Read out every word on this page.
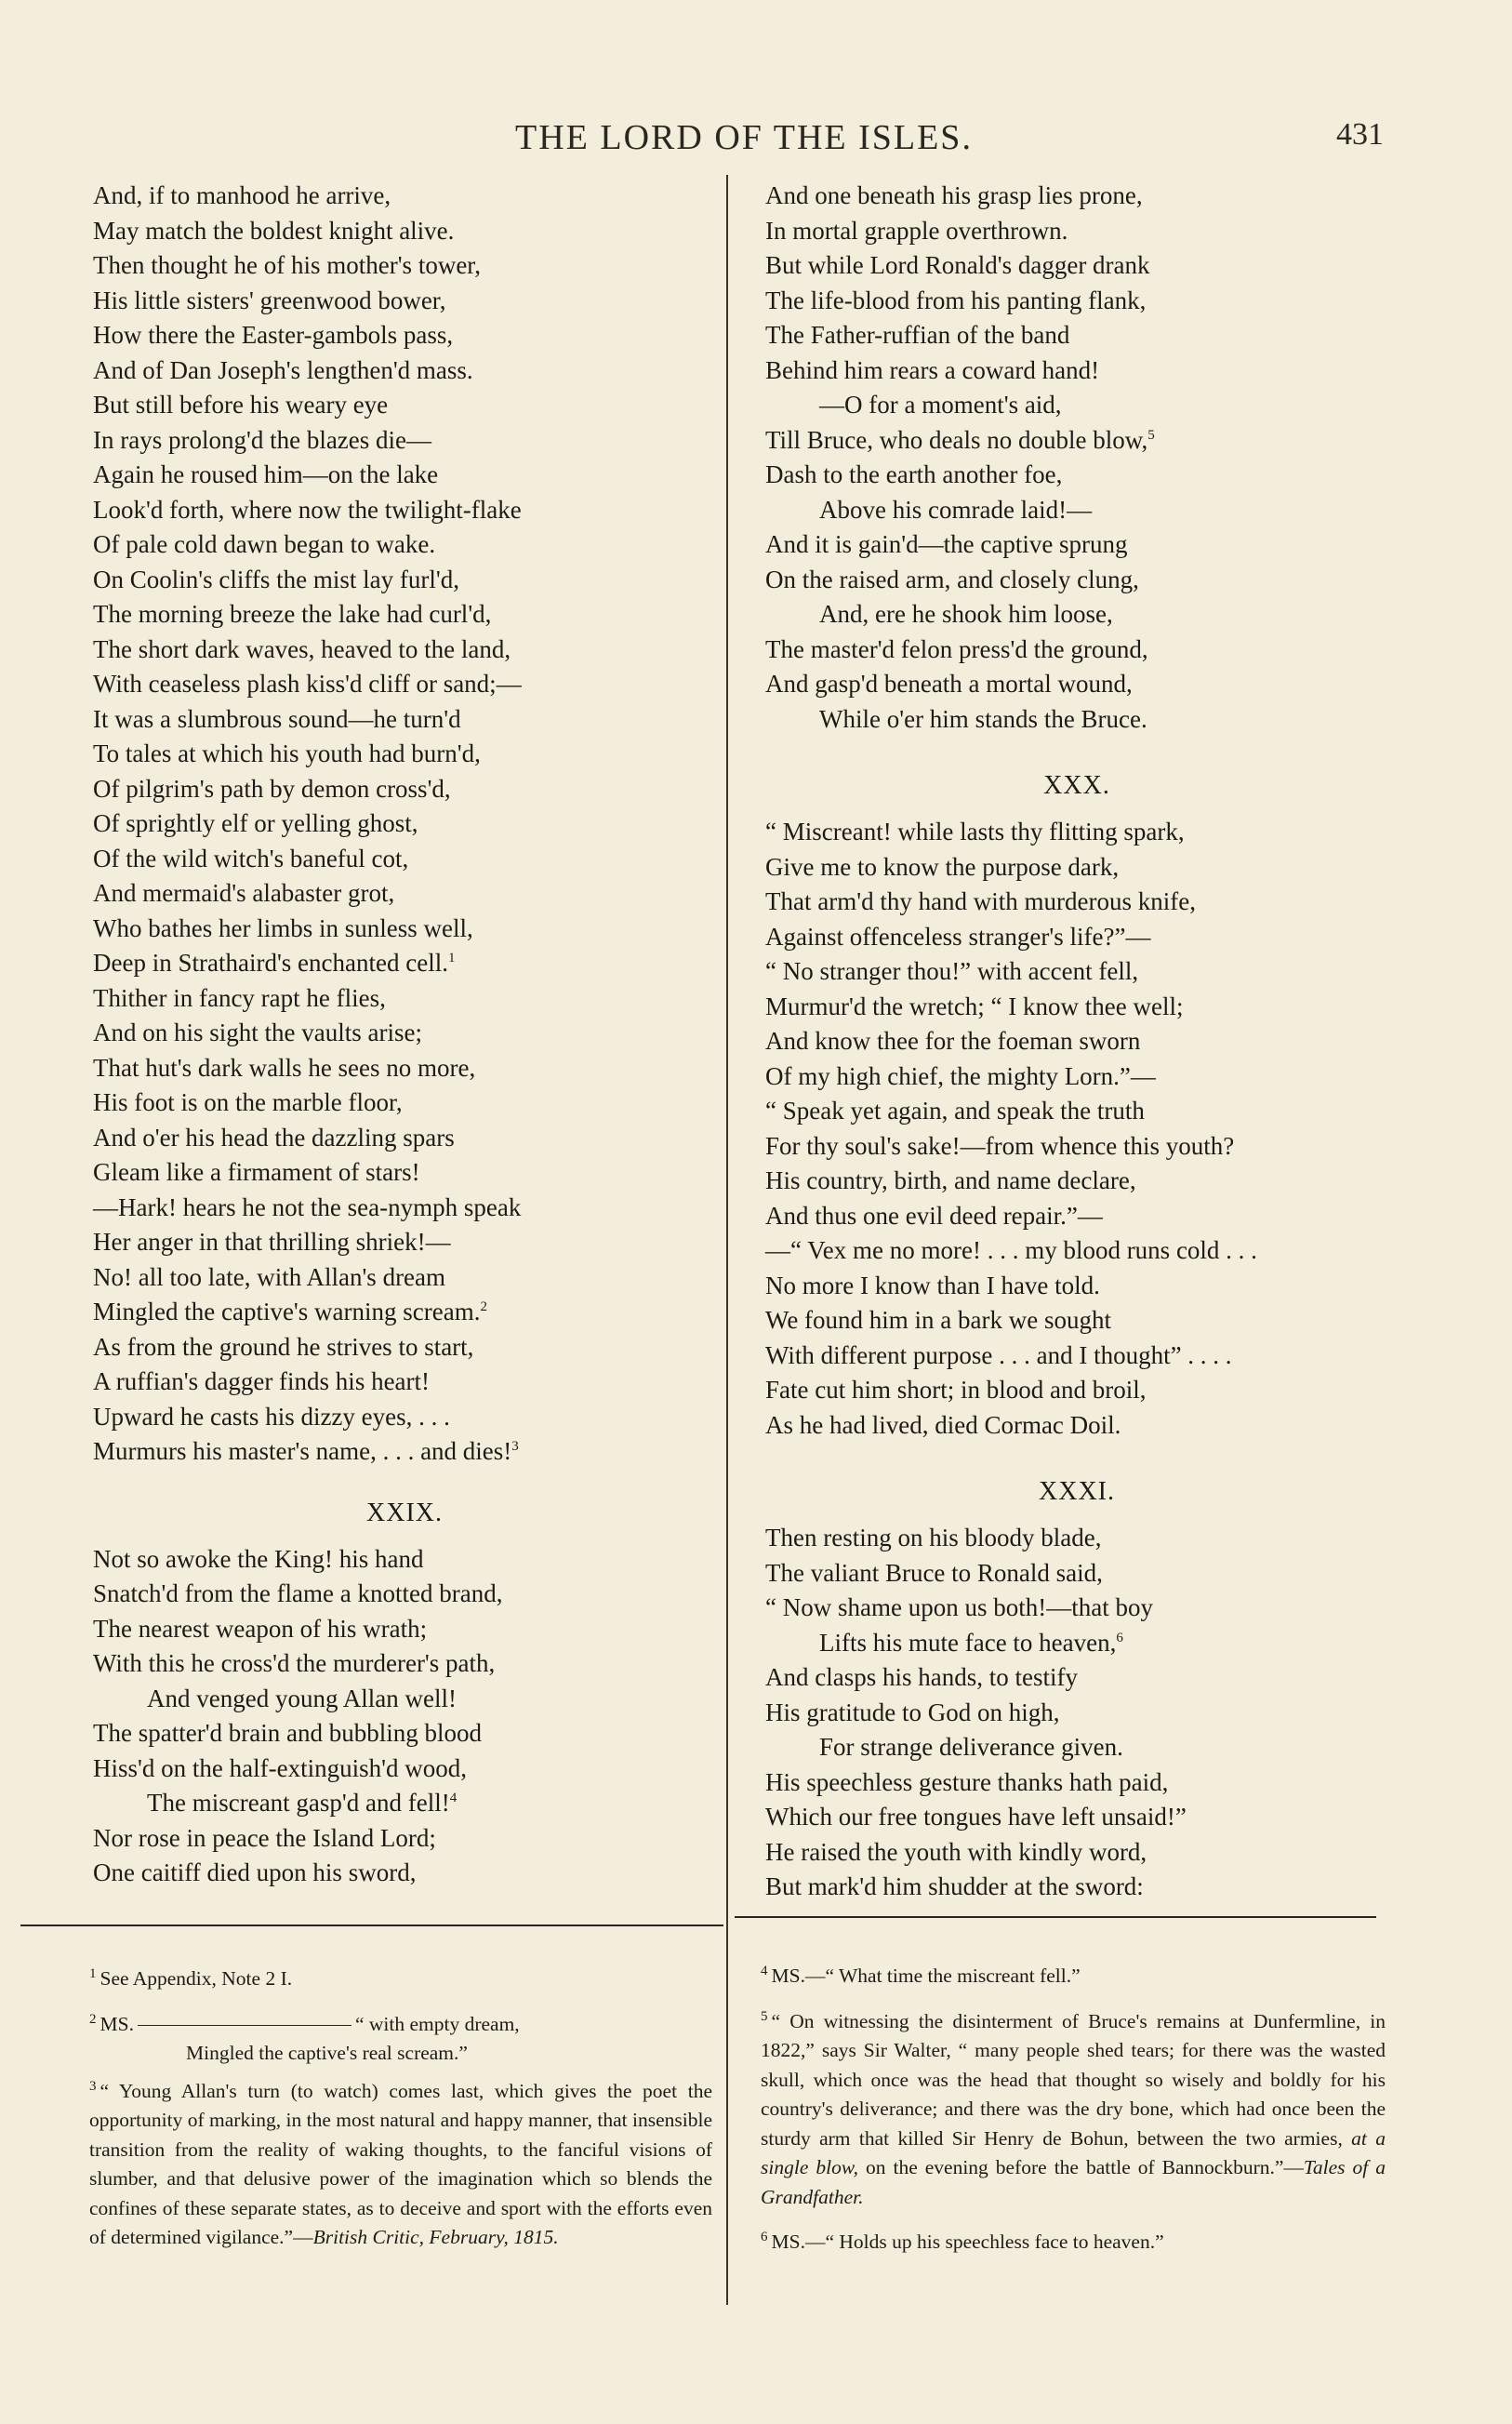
THE LORD OF THE ISLES.	431
And, if to manhood he arrive,
May match the boldest knight alive.
Then thought he of his mother's tower,
His little sisters' greenwood bower,
How there the Easter-gambols pass,
And of Dan Joseph's lengthen'd mass.
But still before his weary eye
In rays prolong'd the blazes die—
Again he roused him—on the lake
Look'd forth, where now the twilight-flake
Of pale cold dawn began to wake.
On Coolin's cliffs the mist lay furl'd,
The morning breeze the lake had curl'd,
The short dark waves, heaved to the land,
With ceaseless plash kiss'd cliff or sand;—
It was a slumbrous sound—he turn'd
To tales at which his youth had burn'd,
Of pilgrim's path by demon cross'd,
Of sprightly elf or yelling ghost,
Of the wild witch's baneful cot,
And mermaid's alabaster grot,
Who bathes her limbs in sunless well,
Deep in Strathaird's enchanted cell.$^1$
Thither in fancy rapt he flies,
And on his sight the vaults arise;
That hut's dark walls he sees no more,
His foot is on the marble floor,
And o'er his head the dazzling spars
Gleam like a firmament of stars!
—Hark! hears he not the sea-nymph speak
Her anger in that thrilling shriek!—
No! all too late, with Allan's dream
Mingled the captive's warning scream.$^2$
As from the ground he strives to start,
A ruffian's dagger finds his heart!
Upward he casts his dizzy eyes, . . .
Murmurs his master's name, . . . and dies!$^3$
XXIX.
Not so awoke the King! his hand
Snatch'd from the flame a knotted brand,
The nearest weapon of his wrath;
With this he cross'd the murderer's path,
And venged young Allan well!
The spatter'd brain and bubbling blood
Hiss'd on the half-extinguish'd wood,
The miscreant gasp'd and fell!$^4$
Nor rose in peace the Island Lord;
One caitiff died upon his sword,
And one beneath his grasp lies prone,
In mortal grapple overthrown.
But while Lord Ronald's dagger drank
The life-blood from his panting flank,
The Father-ruffian of the band
Behind him rears a coward hand!
—O for a moment's aid,
Till Bruce, who deals no double blow,$^5$
Dash to the earth another foe,
Above his comrade laid!—
And it is gain'd—the captive sprung
On the raised arm, and closely clung,
And, ere he shook him loose,
The master'd felon press'd the ground,
And gasp'd beneath a mortal wound,
While o'er him stands the Bruce.
XXX.
“ Miscreant! while lasts thy flitting spark,
Give me to know the purpose dark,
That arm'd thy hand with murderous knife,
Against offenceless stranger's life?”—
“ No stranger thou!” with accent fell,
Murmur'd the wretch; “ I know thee well;
And know thee for the foeman sworn
Of my high chief, the mighty Lorn.”—
“ Speak yet again, and speak the truth
For thy soul's sake!—from whence this youth?
His country, birth, and name declare,
And thus one evil deed repair.”—
—“ Vex me no more! . . . my blood runs cold . . .
No more I know than I have told.
We found him in a bark we sought
With different purpose . . . and I thought” . . . .
Fate cut him short; in blood and broil,
As he had lived, died Cormac Doil.
XXXI.
Then resting on his bloody blade,
The valiant Bruce to Ronald said,
“ Now shame upon us both!—that boy
Lifts his mute face to heaven,$^6$
And clasps his hands, to testify
His gratitude to God on high,
For strange deliverance given.
His speechless gesture thanks hath paid,
Which our free tongues have left unsaid!”
He raised the youth with kindly word,
But mark'd him shudder at the sword:
$^1$ See Appendix, Note 2 I.
$^2$ MS.	“ with empty dream,
Mingled the captive's real scream.”
$^3$ “ Young Allan's turn (to watch) comes last, which gives the poet the opportunity of marking, in the most natural and happy manner, that insensible transition from the reality of waking thoughts, to the fanciful visions of slumber, and that delusive power of the imagination which so blends the confines of these separate states, as to deceive and sport with the efforts even of determined vigilance.”—British Critic, February, 1815.
$^4$ MS.—“ What time the miscreant fell.”
$^5$ “ On witnessing the disinterment of Bruce's remains at Dunfermline, in 1822,” says Sir Walter, “ many people shed tears; for there was the wasted skull, which once was the head that thought so wisely and boldly for his country's deliverance; and there was the dry bone, which had once been the sturdy arm that killed Sir Henry de Bohun, between the two armies, at a single blow, on the evening before the battle of Bannockburn.”—Tales of a Grandfather.
$^6$ MS.—“ Holds up his speechless face to heaven.”
